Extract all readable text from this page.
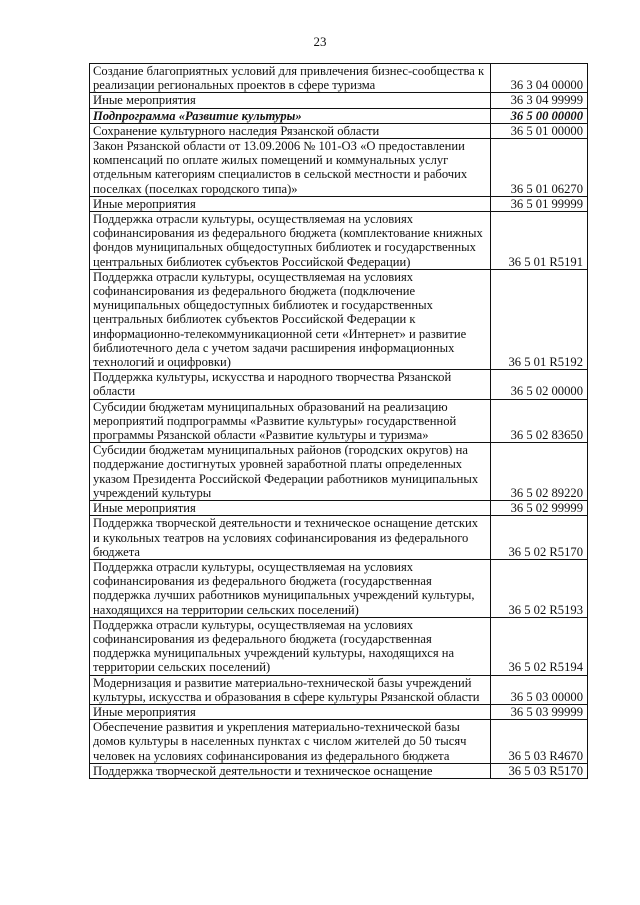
23
Создание благоприятных условий для привлечения бизнес-сообщества к реализации региональных проектов в сфере туризма	36 3 04 00000
Иные мероприятия	36 3 04 99999
Подпрограмма «Развитие культуры»	36 5 00 00000
Сохранение культурного наследия Рязанской области	36 5 01 00000
Закон Рязанской области от 13.09.2006 № 101-ОЗ «О предоставлении компенсаций по оплате жилых помещений и коммунальных услуг отдельным категориям специалистов в сельской местности и рабочих поселках (поселках городского типа)»	36 5 01 06270
Иные мероприятия	36 5 01 99999
Поддержка отрасли культуры, осуществляемая на условиях софинансирования из федерального бюджета (комплектование книжных фондов муниципальных общедоступных библиотек и государственных центральных библиотек субъектов Российской Федерации)	36 5 01 R5191
Поддержка отрасли культуры, осуществляемая на условиях софинансирования из федерального бюджета (подключение муниципальных общедоступных библиотек и государственных центральных библиотек субъектов Российской Федерации к информационно-телекоммуникационной сети «Интернет» и развитие библиотечного дела с учетом задачи расширения информационных технологий и оцифровки)	36 5 01 R5192
Поддержка культуры, искусства и народного творчества Рязанской области	36 5 02 00000
Субсидии бюджетам муниципальных образований на реализацию мероприятий подпрограммы «Развитие культуры» государственной программы Рязанской области «Развитие культуры и туризма»	36 5 02 83650
Субсидии бюджетам муниципальных районов (городских округов) на поддержание достигнутых уровней заработной платы определенных указом Президента Российской Федерации работников муниципальных учреждений культуры	36 5 02 89220
Иные мероприятия	36 5 02 99999
Поддержка творческой деятельности и техническое оснащение детских и кукольных театров на условиях софинансирования из федерального бюджета	36 5 02 R5170
Поддержка отрасли культуры, осуществляемая на условиях софинансирования из федерального бюджета (государственная поддержка лучших работников муниципальных учреждений культуры, находящихся на территории сельских поселений)	36 5 02 R5193
Поддержка отрасли культуры, осуществляемая на условиях софинансирования из федерального бюджета (государственная поддержка муниципальных учреждений культуры, находящихся на территории сельских поселений)	36 5 02 R5194
Модернизация и развитие материально-технической базы учреждений культуры, искусства и образования в сфере культуры Рязанской области	36 5 03 00000
Иные мероприятия	36 5 03 99999
Обеспечение развития и укрепления материально-технической базы домов культуры в населенных пунктах с числом жителей до 50 тысяч человек на условиях софинансирования из федерального бюджета	36 5 03 R4670
Поддержка творческой деятельности и техническое оснащение	36 5 03 R5170
